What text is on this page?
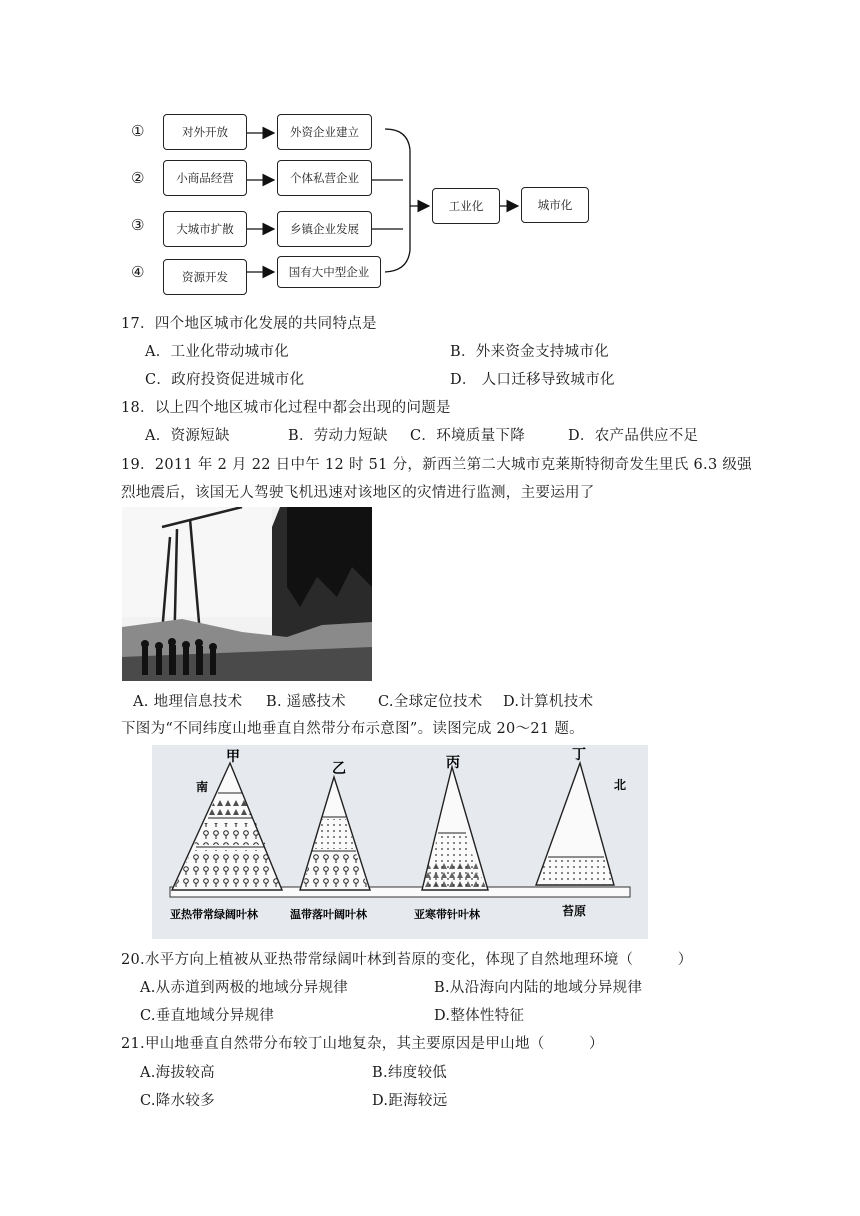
①
②
③
④
对外开放
小商品经营
大城市扩散
资源开发
外资企业建立
个体私营企业
乡镇企业发展
国有大中型企业
工业化	城市化
17．四个地区城市化发展的共同特点是
A．工业化带动城市化	B．外来资金支持城市化
C．政府投资促进城市化	D． 人口迁移导致城市化
18．以上四个地区城市化过程中都会出现的问题是
A．资源短缺	B．劳动力短缺 C．环境质量下降	D．农产品供应不足
19．2011 年 2 月 22 日中午 12 时 51 分，新西兰第二大城市克莱斯特彻奇发生里氏 6.3 级强
烈地震后，该国无人驾驶飞机迅速对该地区的灾情进行监测，主要运用了
A. 地理信息技术 B. 遥感技术 C.全球定位技术 D.计算机技术
下图为“不同纬度山地垂直自然带分布示意图”。读图完成 20～21 题。
甲
乙	丙	丁
南	北
亚热带常绿阔叶林	温带落叶阔叶林	亚寒带针叶林	苔原
20.水平方向上植被从亚热带常绿阔叶林到苔原的变化，体现了自然地理环境（　　　）
A.从赤道到两极的地域分异规律	B.从沿海向内陆的地域分异规律
C.垂直地域分异规律	D.整体性特征
21.甲山地垂直自然带分布较丁山地复杂，其主要原因是甲山地（　　　）
A.海拔较高	B.纬度较低
C.降水较多	D.距海较远
